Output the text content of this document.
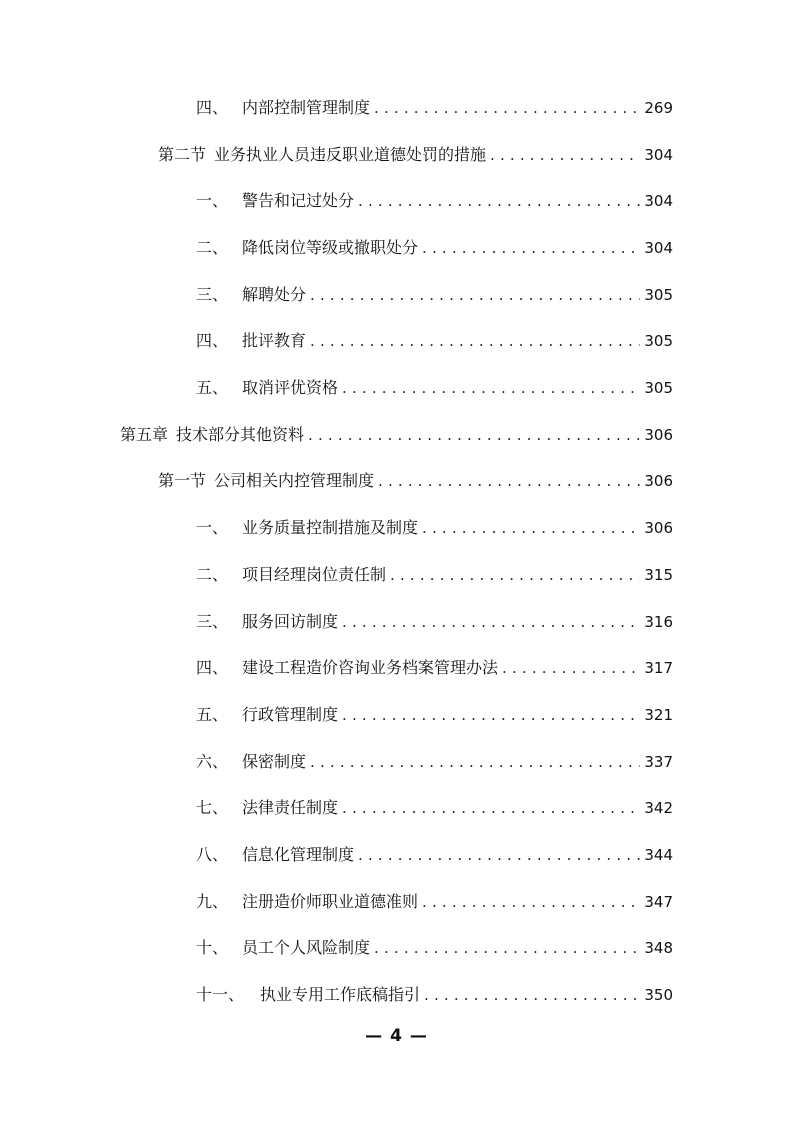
四、 内部控制管理制度 . . .	269
第二节 业务执业人员违反职业道德处罚的措施 . . .	304
一、 警告和记过处分 . . .	304
二、 降低岗位等级或撤职处分 . . .	304
三、 解聘处分 . . .	305
四、 批评教育 . . .	305
五、 取消评优资格 . . .	305
第五章 技术部分其他资料 . . .	306
第一节 公司相关内控管理制度 . . .	306
一、 业务质量控制措施及制度 . . .	306
二、 项目经理岗位责任制 . . .	315
三、 服务回访制度 . . .	316
四、 建设工程造价咨询业务档案管理办法 . . .	317
五、 行政管理制度 . . .	321
六、 保密制度 . . .	337
七、 法律责任制度 . . .	342
八、 信息化管理制度 . . .	344
九、 注册造价师职业道德准则 . . .	347
十、 员工个人风险制度 . . .	348
十一、 执业专用工作底稿指引 . . .	350
— 4 —
